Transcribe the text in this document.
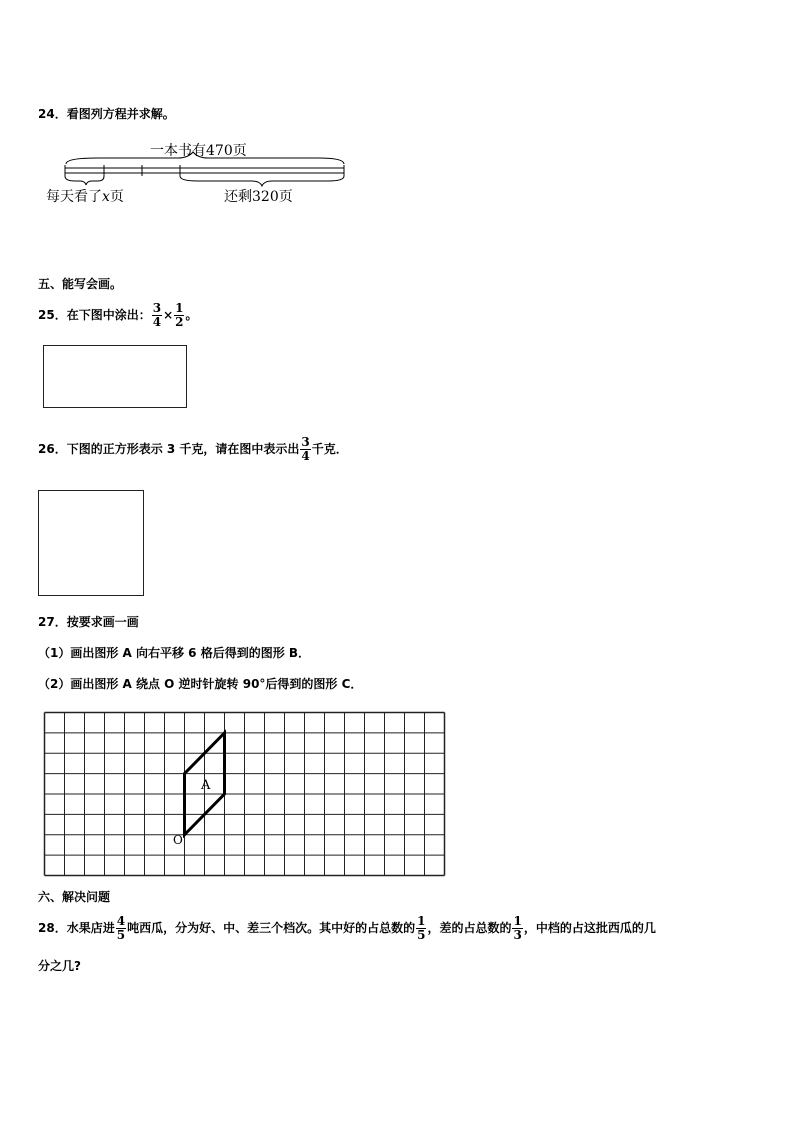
24．看图列方程并求解。
一本书有470页
每天看了x页	还剩320页
五、能写会画。
25．在下图中涂出： $\frac{3}{4} \times \frac{1}{2}$ 。
26．下图的正方形表示 3 千克，请在图中表示出 $\frac{3}{4}$ 千克．
27．按要求画一画
（1）画出图形 A 向右平移 6 格后得到的图形 B．
（2）画出图形 A 绕点 O 逆时针旋转 90°后得到的图形 C．
A
O
六、解决问题
28．水果店进 $\frac{4}{5}$ 吨西瓜，分为好、中、差三个档次。其中好的占总数的 $\frac{1}{5}$ ，差的占总数的 $\frac{1}{3}$ ，中档的占这批西瓜的几
分之几?
